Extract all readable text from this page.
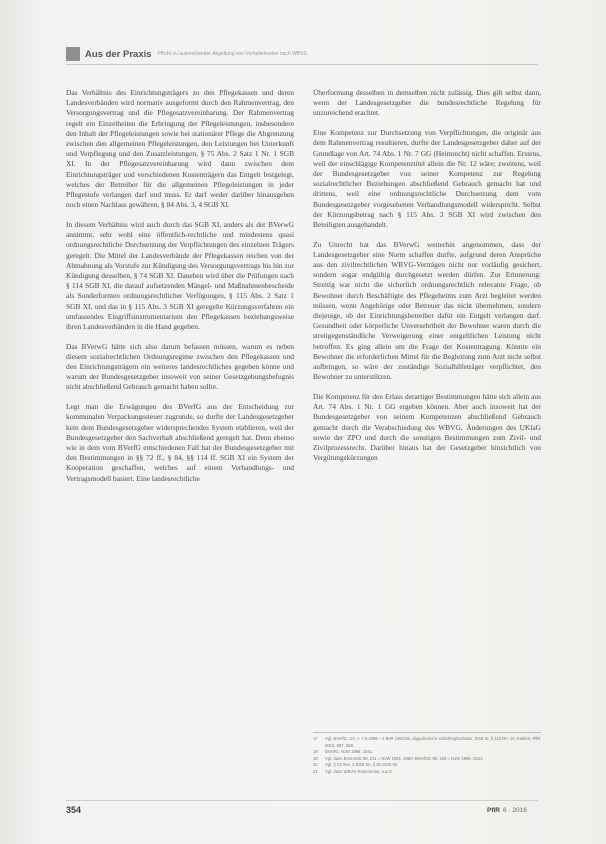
Aus der Praxis Pflicht zu ausreichender Abgeltung von Vorhaltekosten nach WBVG

Das Verhältnis des Einrichtungsträgers zu den Pflegekassen und deren Landesverbänden wird normativ ausgeformt durch den Rahmenvertrag, den Versorgungsvertrag und die Pflegesatzvereinbarung. Der Rahmenvertrag regelt ein Einzelheiten die Erbringung der Pflegeleistungen, insbesondere den Inhalt der Pflegeleistungen sowie bei stationärer Pflege die Abgrenzung zwischen den allgemeinen Pflegeleistungen, den Leistungen bei Unterkunft und Verpflegung und den Zusatzleistungen, § 75 Abs. 2 Satz 1 Nr. 1 SGB XI. In der Pflegesatzvereinbarung wird dann zwischen dem Einrichtungsträger und verschiedenen Kostenträgern das Entgelt festgelegt, welches der Betreiber für die allgemeinen Pflegeleistungen in jeder Pflegestufe verlangen darf und muss. Er darf weder darüber hinausgehen noch einen Nachlass gewähren, § 84 Abs. 3, 4 SGB XI.

In diesem Verhältnis wird auch durch das SGB XI, anders als der BVerwG annimmt, sehr wohl eine öffentlich-rechtliche und mindestens quasi ordnungsrechtliche Durchsetzung der Verpflichtungen des einzelnen Trägers geregelt. Die Mittel der Landesverbände der Pflegekassen reichen von der Abmahnung als Vorstufe zur Kündigung des Versorgungsvertrags bis hin zur Kündigung desselben, § 74 SGB XI. Daneben wird über die Prüfungen nach § 114 SGB XI, die darauf aufsetzenden Mängel- und Maßnahmenbescheide als Sonderformen ordnungsrechtlicher Verfügungen, § 115 Abs. 2 Satz 1 SGB XI, und das in § 115 Abs. 3 SGB XI geregelte Kürzungsverfahren ein umfassendes Eingriffsinstrumentarium den Pflegekassen beziehungsweise ihren Landesverbänden in die Hand gegeben.

Das BVerwG hätte sich also darum befassen müssen, warum es neben diesem sozialrechtlichen Ordnungsregime zwischen den Pflegekassen und den Einrichtungsträgern ein weiteres landesrechtliches gegeben könne und warum der Bundesgesetzgeber insoweit von seiner Gesetzgebungsbefugnis nicht abschließend Gebrauch gemacht haben sollte.

Legt man die Erwägungen des BVerfG aus der Entscheidung zur kommunalen Verpackungssteuer zugrunde, so durfte der Landesgesetzgeber kein dem Bundesgesetzgeber widersprechendes System etablieren, weil der Bundesgesetzgeber den Sachverhalt abschließend geregelt hat. Denn ebenso wie in dem vom BVerfG entschiedenen Fall hat der Bundesgesetzgeber mit den Bestimmungen in §§ 72 ff., § 84, §§ 114 ff. SGB XI ein System der Kooperation geschaffen, welches auf einem Verhandlungs- und Vertragsmodell basiert. Eine landesrechtliche

Überformung desselben in demselben nicht zulässig. Dies gilt selbst dann, wenn der Landesgesetzgeber die bundesrechtliche Regelung für unzureichend erachtet.

Eine Kompetenz zur Durchsetzung von Verpflichtungen, die originär aus dem Rahmenvertrag resultieren, durfte der Landesgesetzgeber daher auf der Grundlage von Art. 74 Abs. 1 Nr. 7 GG (Heimrecht) nicht schaffen. Erstens, weil der einschlägige Kompetenztitel allein die Nr. 12 wäre; zweitens, weil der Bundesgesetzgeber von seiner Kompetenz zur Regelung sozialrechtlicher Beziehungen abschließend Gebrauch gemacht hat und drittens, weil eine ordnungsrechtliche Durchsetzung dem vom Bundesgesetzgeber vorgesehenen Verhandlungsmodell widerspricht. Selbst der Kürzungsbetrag nach § 115 Abs. 3 SGB XI wird zwischen den Beteiligten ausgehandelt.

Zu Unrecht hat das BVerwG weiterhin angenommen, dass der Landesgesetzgeber eine Norm schaffen durfte, aufgrund deren Ansprüche aus den zivilrechtlichen WBVG-Verträgen nicht nur vorläufig gesichert, sondern sogar endgültig durchgesetzt werden dürfen. Zur Erinnerung: Streitig war nicht die sicherlich ordnungsrechtlich relevante Frage, ob Bewohner durch Beschäftigte des Pflegeheims zum Arzt begleitet werden müssen, wenn Angehörige oder Betreuer das nicht übernehmen, sondern diejenige, ob der Einrichtungsbetreiber dafür ein Entgelt verlangen darf. Gesundheit oder körperliche Unversehrtheit der Bewohner waren durch die streitgegenständliche Verweigerung einer entgeltlichen Leistung nicht betroffen. Es ging allein um die Frage der Kostentragung. Könnte ein Bewohner die erforderlichen Mittel für die Begleitung zum Arzt nicht selbst aufbringen, so wäre der zuständige Sozialhilfeträger verpflichtet, den Bewohner zu unterstützen.

Die Kompetenz für den Erlass derartiger Bestimmungen hätte sich allein aus Art. 74 Abs. 1 Nr. 1 GG ergeben können. Aber auch insoweit hat der Bundesgesetzgeber von seinem Kompetenzen abschließend Gebrauch gemacht durch die Verabschiedung des WBVG, Änderungen des UKlaG sowie der ZPO und durch die sonstigen Bestimmungen zum Zivil- und Zivilprozessrecht. Darüber hinaus hat der Gesetzgeber hinsichtlich von Vergütungskürzungen

17	Vgl. BVerfG, Urt. v. 7.5.1998 – 2 BvR 1991/95, abgedruckt in Udsching/Schütze, SGB XI, § 115 Rn. 10; Kahlert, PflR 2015, 567, 568.
18	BVerfG, NJW 1998, 2341.
19	Vgl. dazu BVerwGE 88, 211 = NJW 1991, 2980; BVerfGE 98, 106 = NJW 1998, 2341.
20	Vgl. § 13 Abs. 3 SGB XII, § 61 SGB XII.
21	Vgl. dazu WBVG-Kommentar, a.a.O.
354	PflR 6 · 2016
